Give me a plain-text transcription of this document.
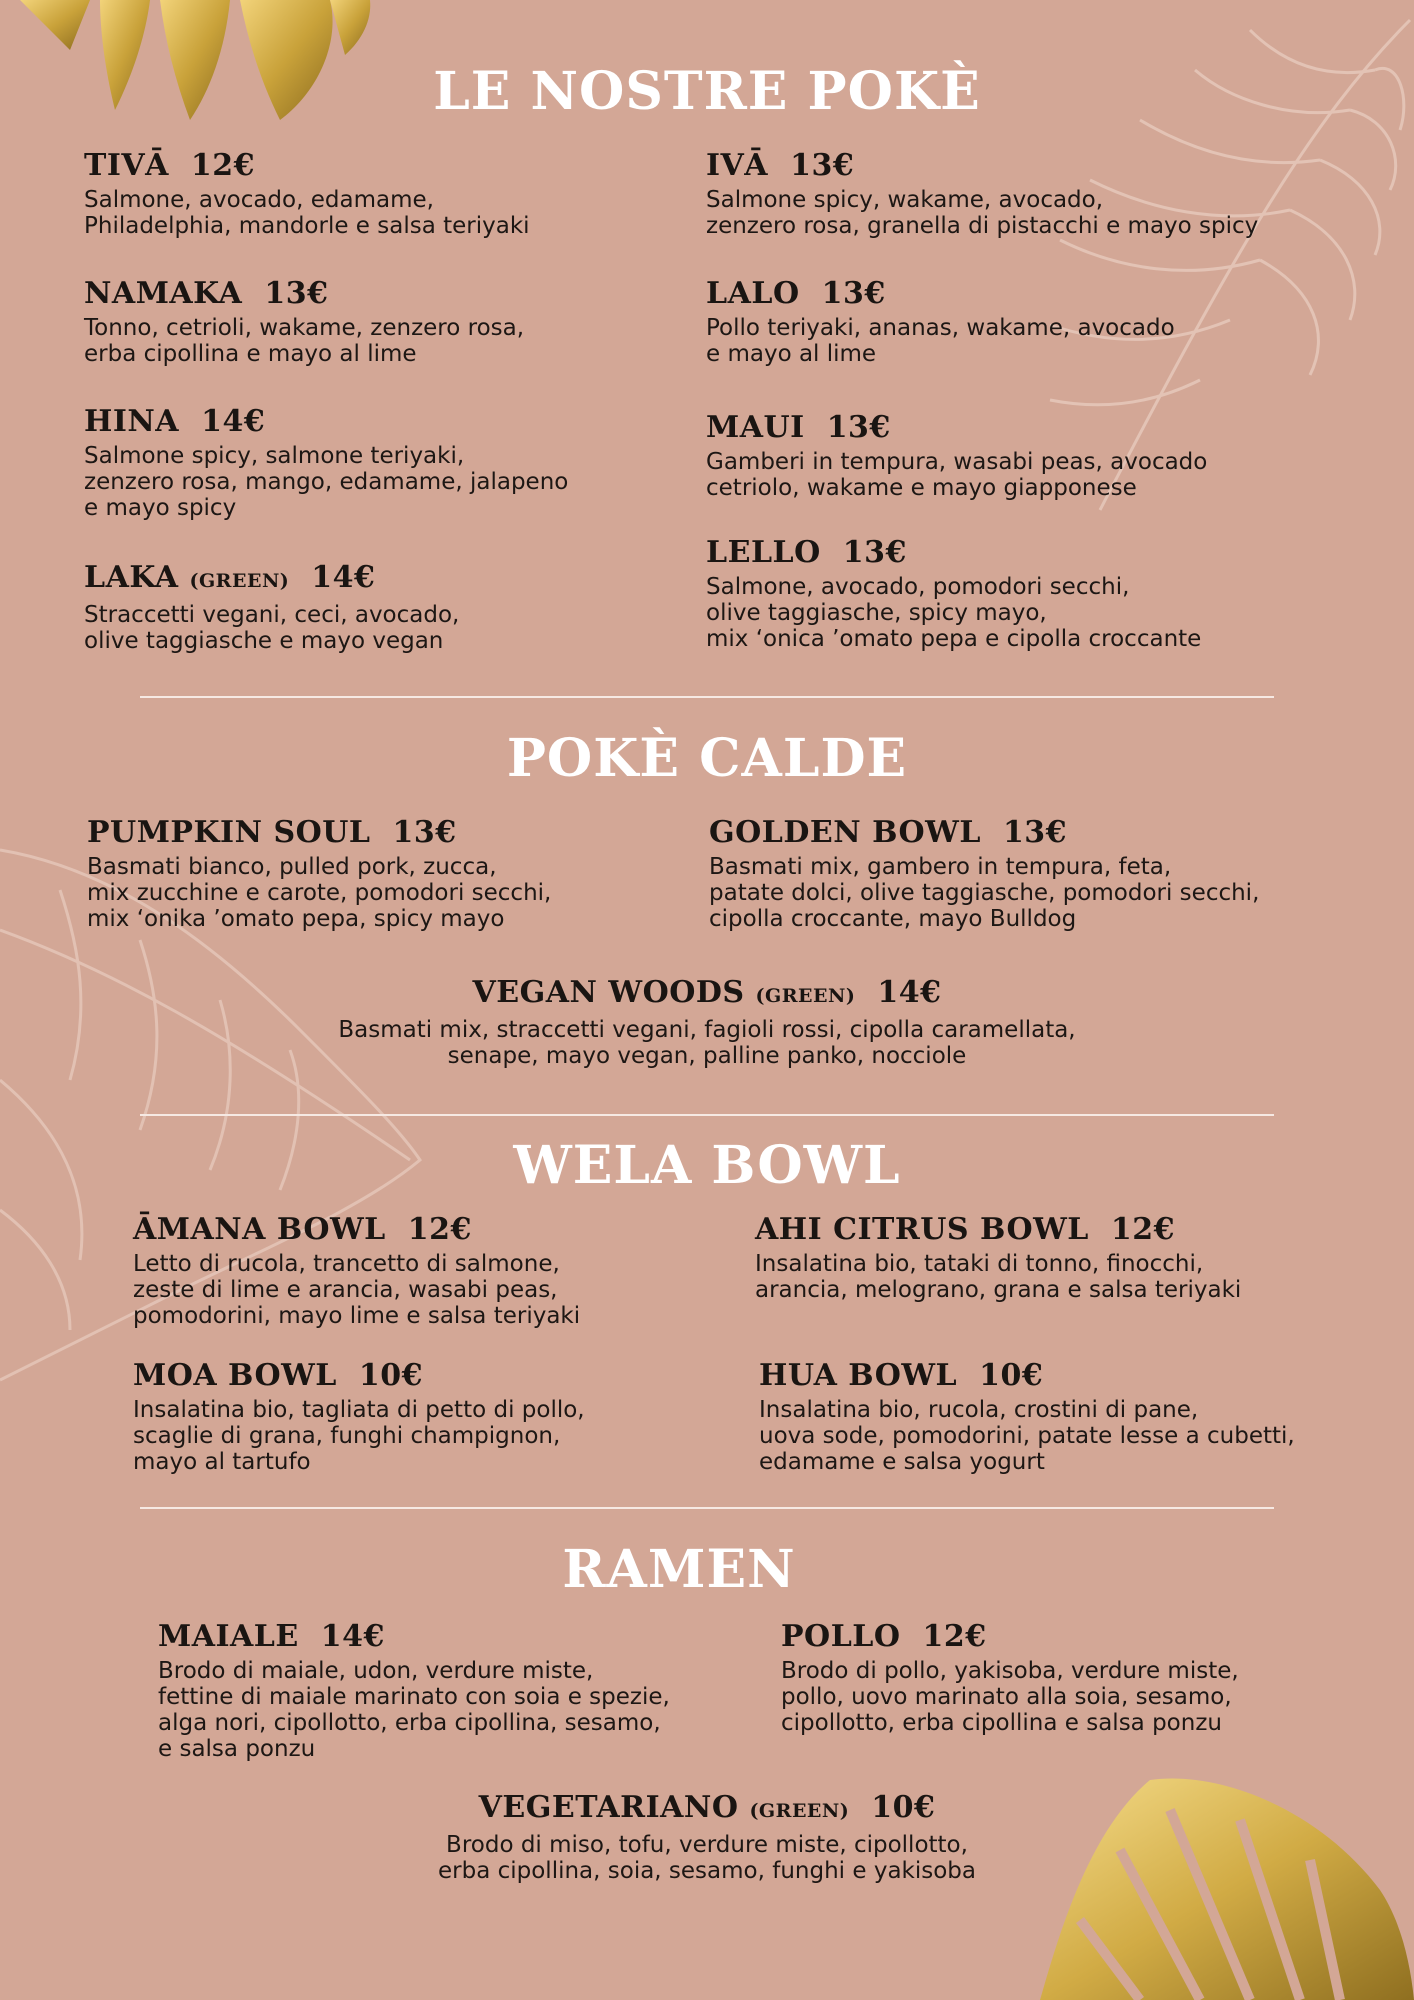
LE NOSTRE POKÈ
POKÈ CALDE
WELA BOWL
RAMEN
TIVĀ 12€
Salmone, avocado, edamame,
Philadelphia, mandorle e salsa teriyaki
IVĀ 13€
Salmone spicy, wakame, avocado,
zenzero rosa, granella di pistacchi e mayo spicy
NAMAKA 13€
Tonno, cetrioli, wakame, zenzero rosa,
erba cipollina e mayo al lime
LALO 13€
Pollo teriyaki, ananas, wakame, avocado
e mayo al lime
HINA 14€
Salmone spicy, salmone teriyaki,
zenzero rosa, mango, edamame, jalapeno
e mayo spicy
MAUI 13€
Gamberi in tempura, wasabi peas, avocado
cetriolo, wakame e mayo giapponese
LAKA (GREEN) 14€
Straccetti vegani, ceci, avocado,
olive taggiasche e mayo vegan
LELLO 13€
Salmone, avocado, pomodori secchi,
olive taggiasche, spicy mayo,
mix ‘onica ’omato pepa e cipolla croccante
PUMPKIN SOUL 13€
Basmati bianco, pulled pork, zucca,
mix zucchine e carote, pomodori secchi,
mix ‘onika ’omato pepa, spicy mayo
GOLDEN BOWL 13€
Basmati mix, gambero in tempura, feta,
patate dolci, olive taggiasche, pomodori secchi,
cipolla croccante, mayo Bulldog
VEGAN WOODS (GREEN) 14€
Basmati mix, straccetti vegani, fagioli rossi, cipolla caramellata,
senape, mayo vegan, palline panko, nocciole
ĀMANA BOWL 12€
Letto di rucola, trancetto di salmone,
zeste di lime e arancia, wasabi peas,
pomodorini, mayo lime e salsa teriyaki
AHI CITRUS BOWL 12€
Insalatina bio, tataki di tonno, finocchi,
arancia, melograno, grana e salsa teriyaki
MOA BOWL 10€
Insalatina bio, tagliata di petto di pollo,
scaglie di grana, funghi champignon,
mayo al tartufo
HUA BOWL 10€
Insalatina bio, rucola, crostini di pane,
uova sode, pomodorini, patate lesse a cubetti,
edamame e salsa yogurt
MAIALE 14€
Brodo di maiale, udon, verdure miste,
fettine di maiale marinato con soia e spezie,
alga nori, cipollotto, erba cipollina, sesamo,
e salsa ponzu
POLLO 12€
Brodo di pollo, yakisoba, verdure miste,
pollo, uovo marinato alla soia, sesamo,
cipollotto, erba cipollina e salsa ponzu
VEGETARIANO (GREEN) 10€
Brodo di miso, tofu, verdure miste, cipollotto,
erba cipollina, soia, sesamo, funghi e yakisoba
